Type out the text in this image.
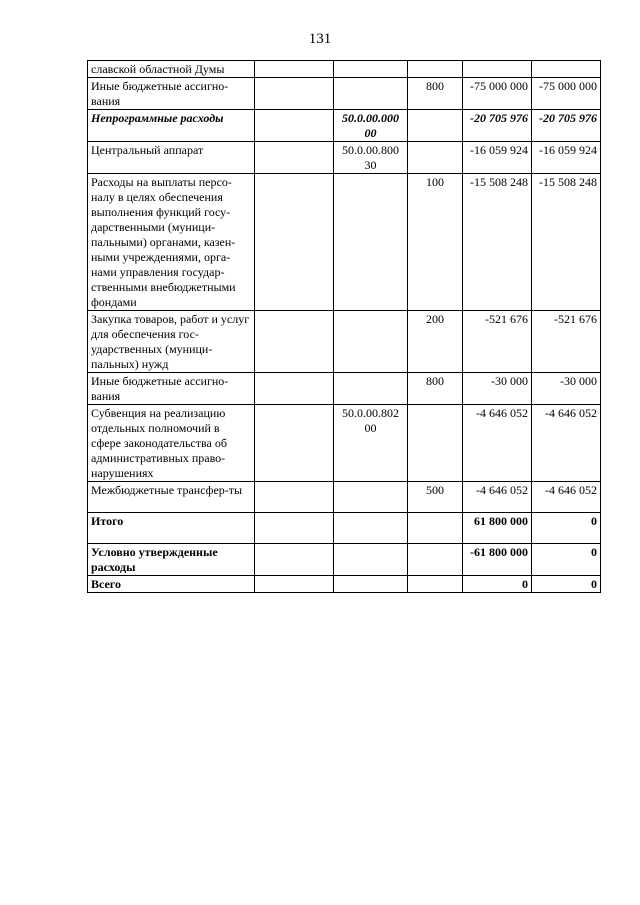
131
славской областной Думы					
Иные бюджетные ассигно-вания			800	-75 000 000	-75 000 000
Непрограммные расходы		50.0.00.000 00		-20 705 976	-20 705 976
Центральный аппарат		50.0.00.800 30		-16 059 924	-16 059 924
Расходы на выплаты персо-налу в целях обеспечения выполнения функций госу-дарственными (муници-пальными) органами, казен-ными учреждениями, орга-нами управления государ-ственными внебюджетными фондами			100	-15 508 248	-15 508 248
Закупка товаров, работ и услуг для обеспечения гос-ударственных (муници-пальных) нужд			200	-521 676	-521 676
Иные бюджетные ассигно-вания			800	-30 000	-30 000
Субвенция на реализацию отдельных полномочий в сфере законодательства об административных право-нарушениях		50.0.00.802 00		-4 646 052	-4 646 052
Межбюджетные трансфер-ты			500	-4 646 052	-4 646 052
Итого				61 800 000	0
Условно утвержденные расходы				-61 800 000	0
Всего				0	0
